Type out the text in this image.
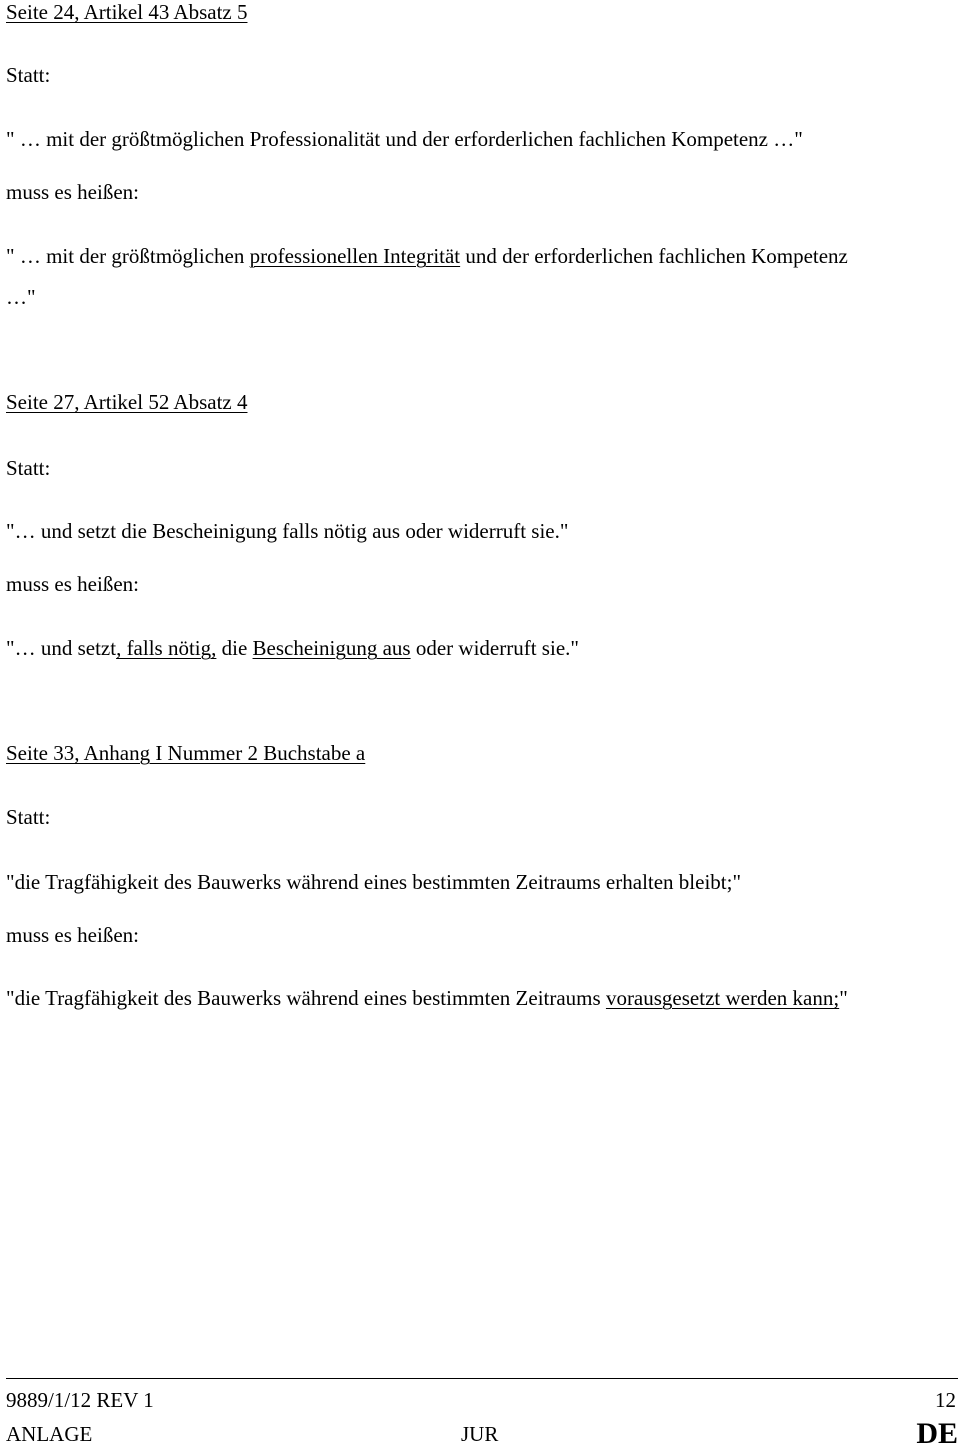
Seite 24, Artikel 43 Absatz 5
Statt:
" … mit der größtmöglichen Professionalität und der erforderlichen fachlichen Kompetenz …"
muss es heißen:
" … mit der größtmöglichen professionellen Integrität und der erforderlichen fachlichen Kompetenz
…"
Seite 27, Artikel 52 Absatz 4
Statt:
"… und setzt die Bescheinigung falls nötig aus oder widerruft sie."
muss es heißen:
"… und setzt, falls nötig, die Bescheinigung aus oder widerruft sie."
Seite 33, Anhang I Nummer 2 Buchstabe a
Statt:
"die Tragfähigkeit des Bauwerks während eines bestimmten Zeitraums erhalten bleibt;"
muss es heißen:
"die Tragfähigkeit des Bauwerks während eines bestimmten Zeitraums vorausgesetzt werden kann;"
9889/1/12 REV 1	12
ANLAGE	JUR	DE
